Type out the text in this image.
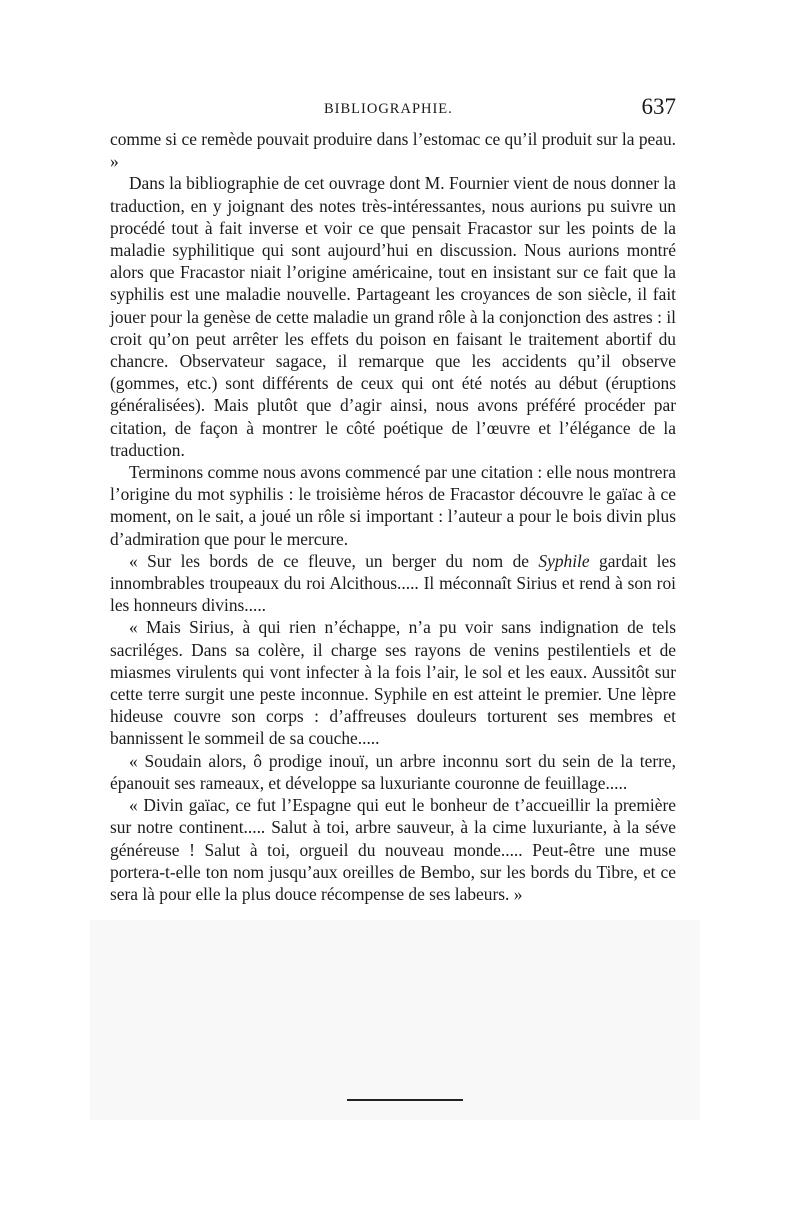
BIBLIOGRAPHIE.	637

comme si ce remède pouvait produire dans l’estomac ce qu’il produit sur la peau. »

Dans la bibliographie de cet ouvrage dont M. Fournier vient de nous donner la traduction, en y joignant des notes très-intéressantes, nous aurions pu suivre un procédé tout à fait inverse et voir ce que pensait Fracastor sur les points de la maladie syphilitique qui sont aujourd’hui en discussion. Nous aurions montré alors que Fracastor niait l’origine américaine, tout en insistant sur ce fait que la syphilis est une maladie nouvelle. Partageant les croyances de son siècle, il fait jouer pour la genèse de cette maladie un grand rôle à la conjonction des astres : il croit qu’on peut arrêter les effets du poison en faisant le traitement abortif du chancre. Observateur sagace, il remarque que les accidents qu’il observe (gommes, etc.) sont différents de ceux qui ont été notés au début (éruptions généralisées). Mais plutôt que d’agir ainsi, nous avons préféré procéder par citation, de façon à montrer le côté poétique de l’œuvre et l’élégance de la traduction.

Terminons comme nous avons commencé par une citation : elle nous montrera l’origine du mot syphilis : le troisième héros de Fracastor découvre le gaïac à ce moment, on le sait, a joué un rôle si important : l’auteur a pour le bois divin plus d’admiration que pour le mercure.

« Sur les bords de ce fleuve, un berger du nom de Syphile gardait les innombrables troupeaux du roi Alcithous..... Il méconnaît Sirius et rend à son roi les honneurs divins.....

« Mais Sirius, à qui rien n’échappe, n’a pu voir sans indignation de tels sacriléges. Dans sa colère, il charge ses rayons de venins pestilentiels et de miasmes virulents qui vont infecter à la fois l’air, le sol et les eaux. Aussitôt sur cette terre surgit une peste inconnue. Syphile en est atteint le premier. Une lèpre hideuse couvre son corps : d’affreuses douleurs torturent ses membres et bannissent le sommeil de sa couche.....

« Soudain alors, ô prodige inouï, un arbre inconnu sort du sein de la terre, épanouit ses rameaux, et développe sa luxuriante couronne de feuillage.....

« Divin gaïac, ce fut l’Espagne qui eut le bonheur de t’accueillir la première sur notre continent..... Salut à toi, arbre sauveur, à la cime luxuriante, à la séve généreuse ! Salut à toi, orgueil du nouveau monde..... Peut-être une muse portera-t-elle ton nom jusqu’aux oreilles de Bembo, sur les bords du Tibre, et ce sera là pour elle la plus douce récompense de ses labeurs. »
